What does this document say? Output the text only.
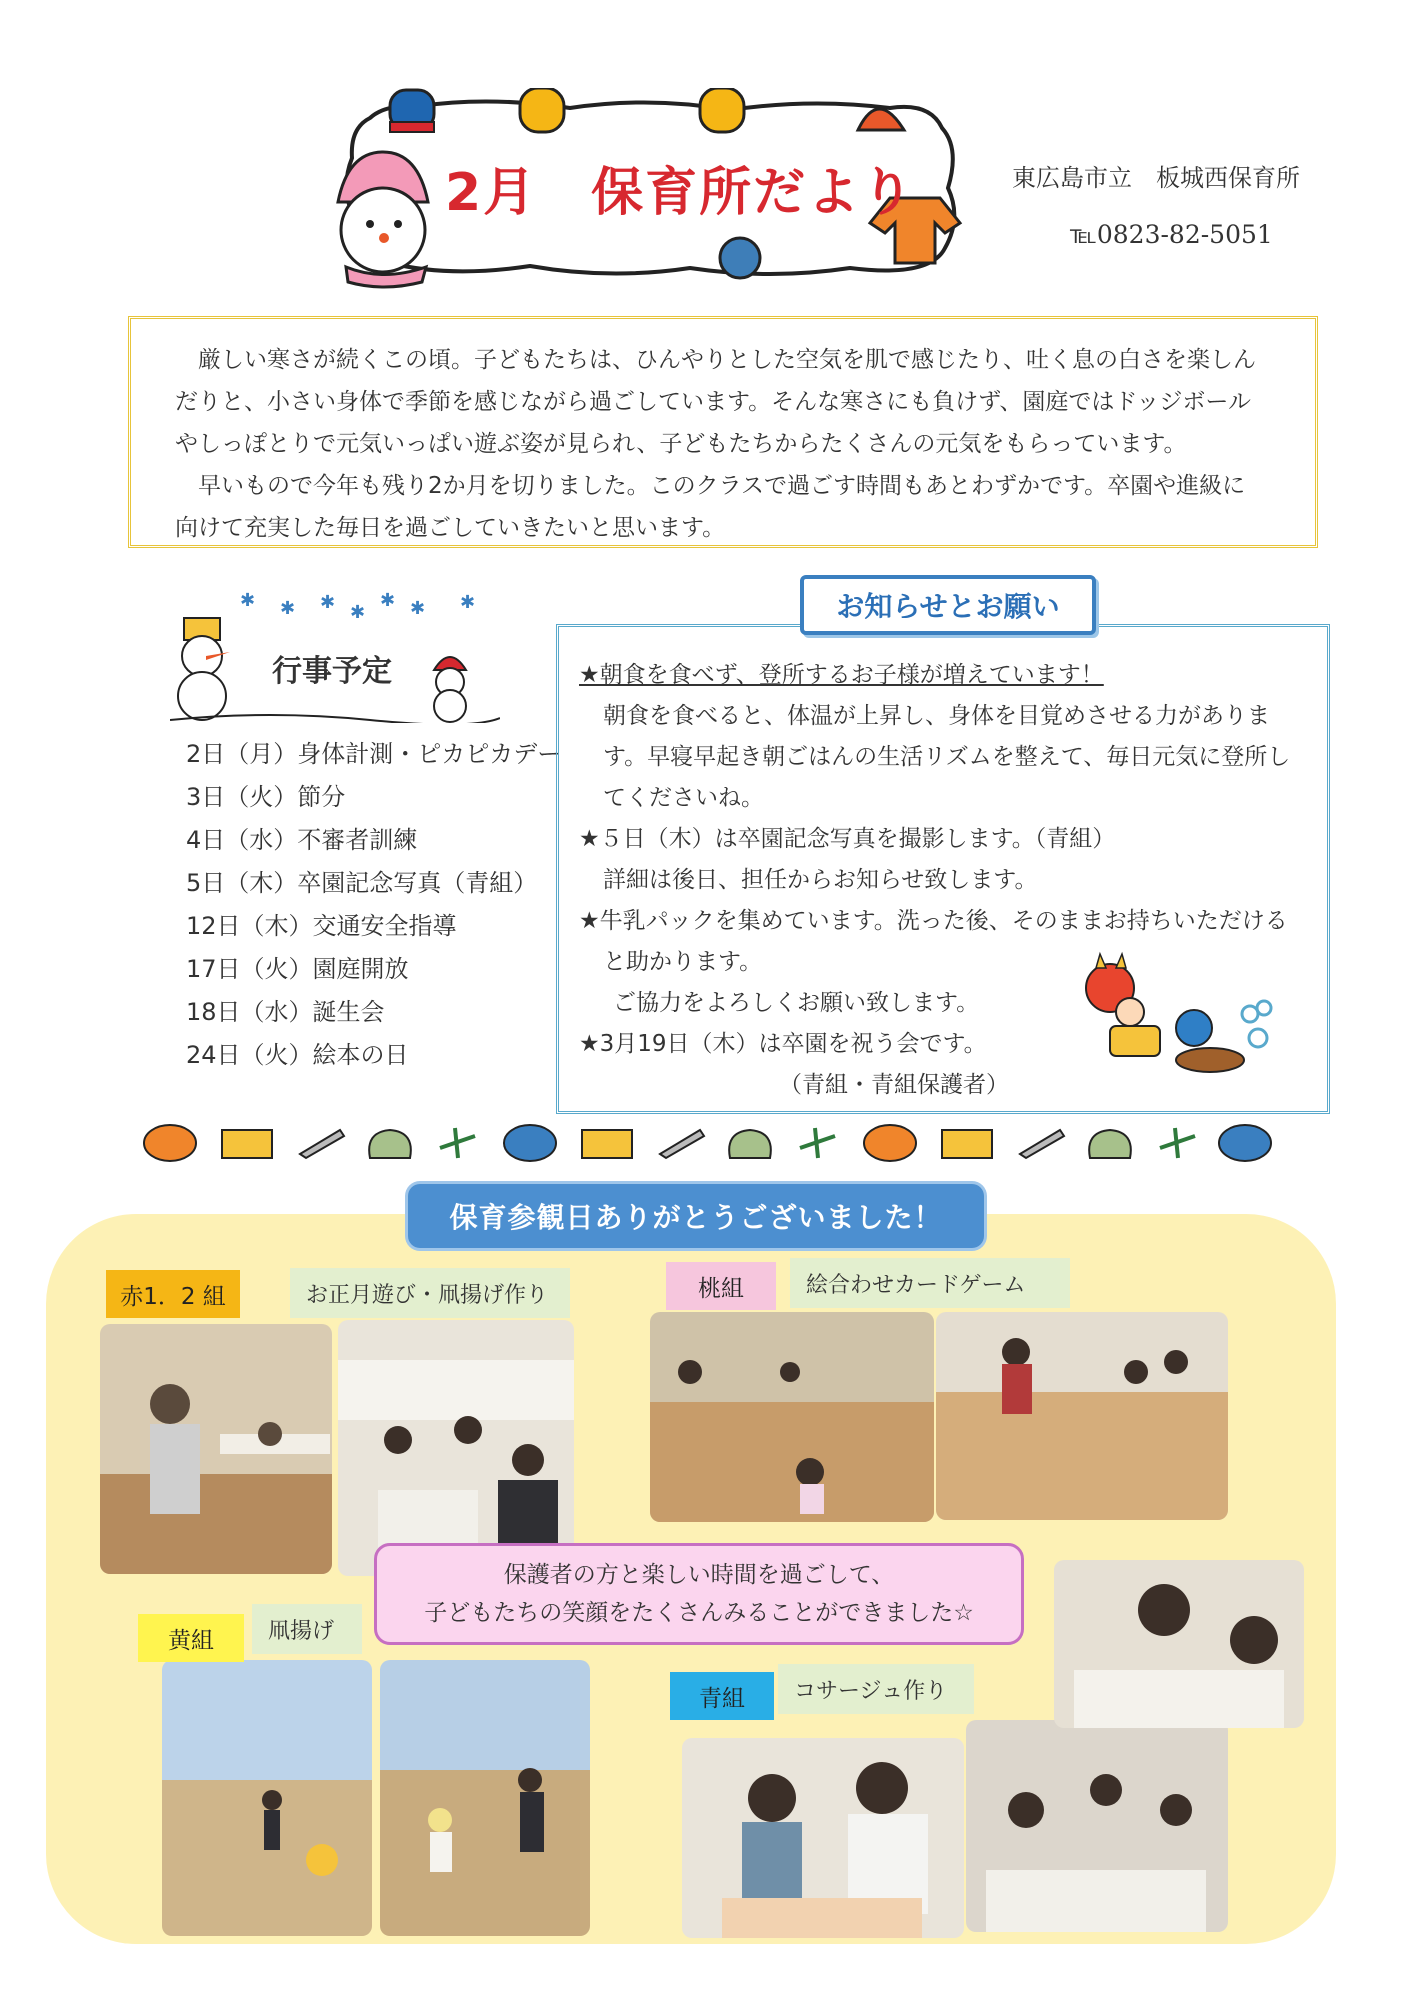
2月　保育所だより	東広島市立　板城西保育所
℡0823-82-5051

厳しい寒さが続くこの頃。子どもたちは、ひんやりとした空気を肌で感じたり、吐く息の白さを楽しん

だりと、小さい身体で季節を感じながら過ごしています。そんな寒さにも負けず、園庭ではドッジボール

やしっぽとりで元気いっぱい遊ぶ姿が見られ、子どもたちからたくさんの元気をもらっています。

早いもので今年も残り2か月を切りました。このクラスで過ごす時間もあとわずかです。卒園や進級に

向けて充実した毎日を過ごしていきたいと思います。

✱ ✱ ✱ ✱
✱ ✱ ✱
行事予定
2日（月）身体計測・ピカピカデー
3日（火）節分
4日（水）不審者訓練
5日（木）卒園記念写真（青組）
12日（木）交通安全指導
17日（火）園庭開放
18日（水）誕生会
24日（火）絵本の日

★朝食を食べず、登所するお子様が増えています！

朝食を食べると、体温が上昇し、身体を目覚めさせる力がありま

す。早寝早起き朝ごはんの生活リズムを整えて、毎日元気に登所し

てくださいね。

★５日（木）は卒園記念写真を撮影します。（青組）

詳細は後日、担任からお知らせ致します。

★牛乳パックを集めています。洗った後、そのままお持ちいただける

と助かります。

ご協力をよろしくお願い致します。

★3月19日（木）は卒園を祝う会です。

（青組・青組保護者）

お知らせとお願い
保育参観日ありがとうございました！
赤1．2 組	お正月遊び・凧揚げ作り	桃組	絵合わせカードゲーム
黄組	凧揚げ
青組	コサージュ作り
保護者の方と楽しい時間を過ごして、
子どもたちの笑顔をたくさんみることができました☆
